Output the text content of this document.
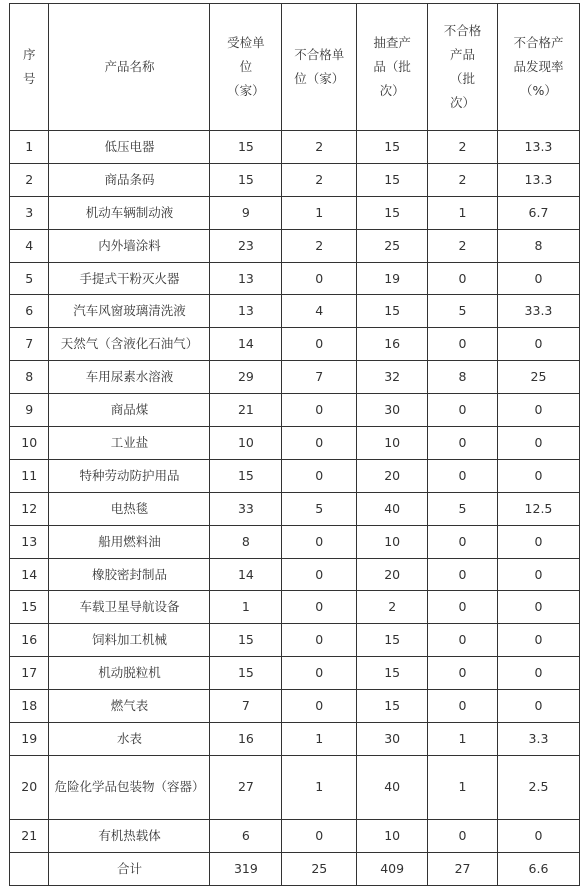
序
号	产品名称	受检单
位
（家）	不合格单
位（家）	抽查产
品（批
次）	不合格
产品
（批
次）	不合格产
品发现率
（%）

1	低压电器	15	2	15	2	13.3
2	商品条码	15	2	15	2	13.3
3	机动车辆制动液	9	1	15	1	6.7
4	内外墙涂料	23	2	25	2	8
5	手提式干粉灭火器	13	0	19	0	0
6	汽车风窗玻璃清洗液	13	4	15	5	33.3
7	天然气（含液化石油气）	14	0	16	0	0
8	车用尿素水溶液	29	7	32	8	25
9	商品煤	21	0	30	0	0
10	工业盐	10	0	10	0	0
11	特种劳动防护用品	15	0	20	0	0
12	电热毯	33	5	40	5	12.5
13	船用燃料油	8	0	10	0	0
14	橡胶密封制品	14	0	20	0	0
15	车载卫星导航设备	1	0	2	0	0
16	饲料加工机械	15	0	15	0	0
17	机动脱粒机	15	0	15	0	0
18	燃气表	7	0	15	0	0
19	水表	16	1	30	1	3.3
20	危险化学品包装物（容器）	27	1	40	1	2.5
21	有机热载体	6	0	10	0	0
	合计	319	25	409	27	6.6
